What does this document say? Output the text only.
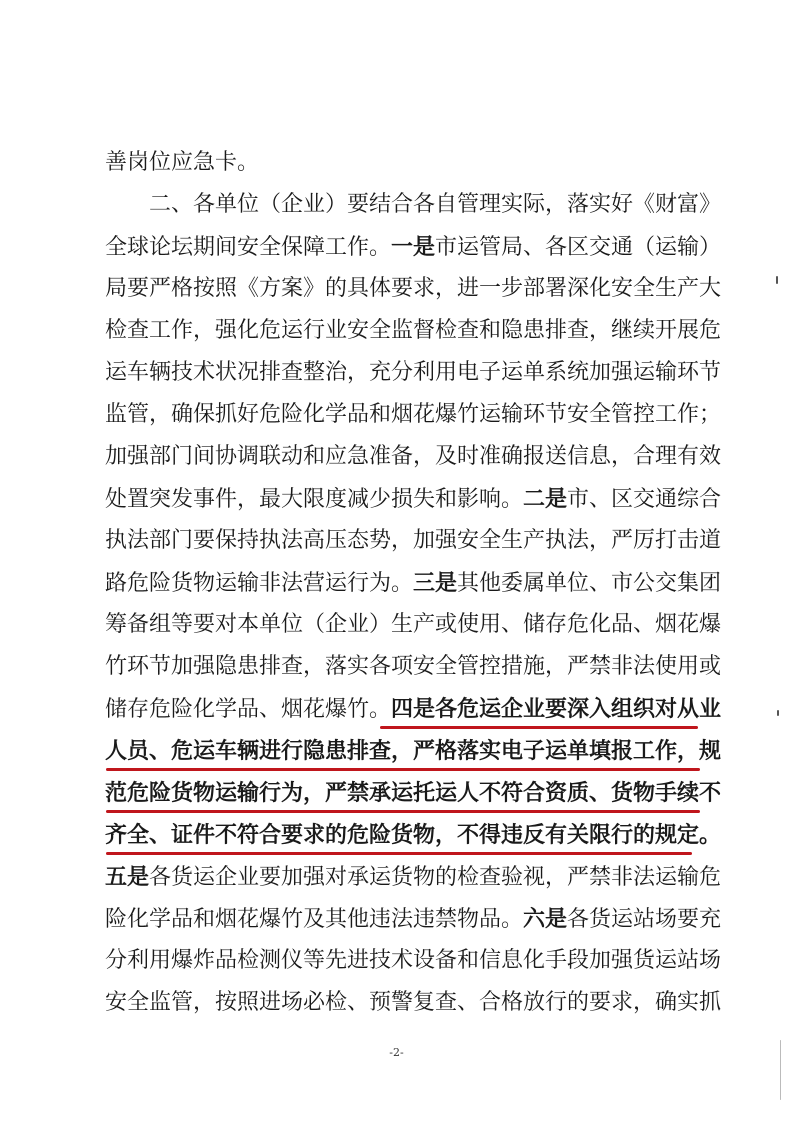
善岗位应急卡。
二、各单位（企业）要结合各自管理实际，落实好《财富》
全球论坛期间安全保障工作。一是市运管局、各区交通（运输）
局要严格按照《方案》的具体要求，进一步部署深化安全生产大
检查工作，强化危运行业安全监督检查和隐患排查，继续开展危
运车辆技术状况排查整治，充分利用电子运单系统加强运输环节
监管，确保抓好危险化学品和烟花爆竹运输环节安全管控工作；
加强部门间协调联动和应急准备，及时准确报送信息，合理有效
处置突发事件，最大限度减少损失和影响。二是市、区交通综合
执法部门要保持执法高压态势，加强安全生产执法，严厉打击道
路危险货物运输非法营运行为。三是其他委属单位、市公交集团
筹备组等要对本单位（企业）生产或使用、储存危化品、烟花爆
竹环节加强隐患排查，落实各项安全管控措施，严禁非法使用或
储存危险化学品、烟花爆竹。四是各危运企业要深入组织对从业
人员、危运车辆进行隐患排查，严格落实电子运单填报工作，规
范危险货物运输行为，严禁承运托运人不符合资质、货物手续不
齐全、证件不符合要求的危险货物，不得违反有关限行的规定。
五是各货运企业要加强对承运货物的检查验视，严禁非法运输危
险化学品和烟花爆竹及其他违法违禁物品。六是各货运站场要充
分利用爆炸品检测仪等先进技术设备和信息化手段加强货运站场
安全监管，按照进场必检、预警复查、合格放行的要求，确实抓
-2-
